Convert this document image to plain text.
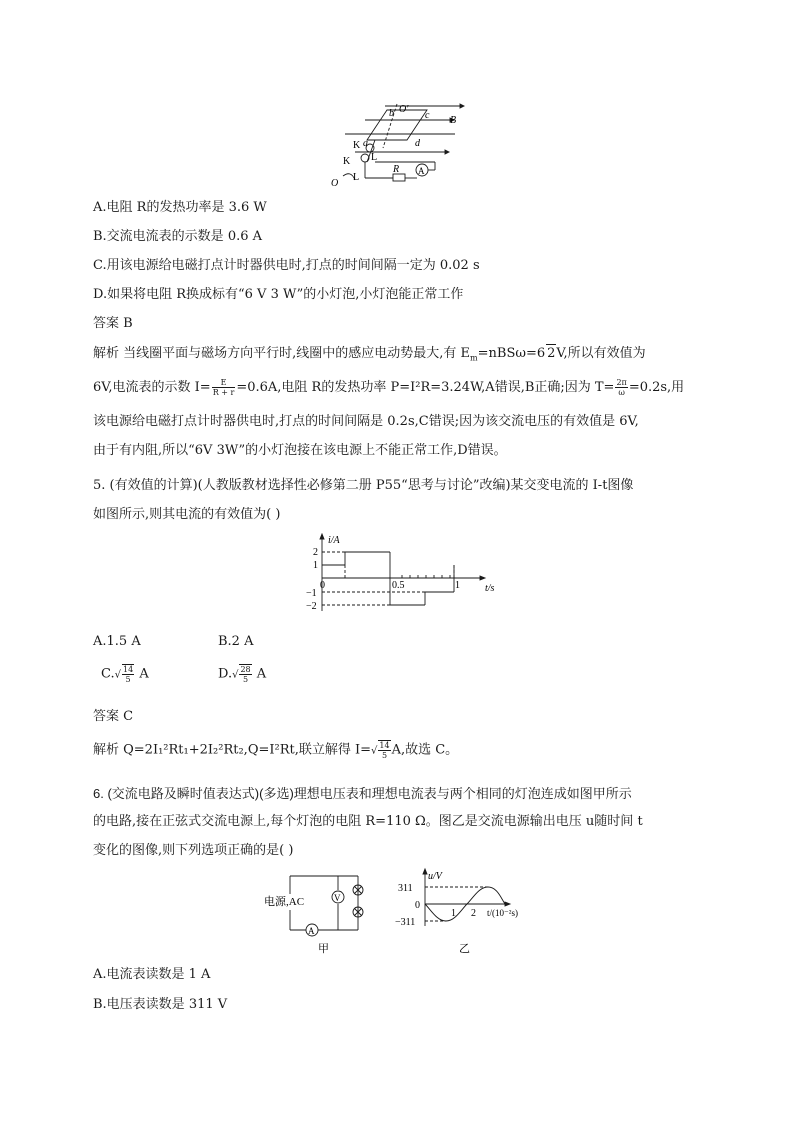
b O'
c B
a
K
L
d
K
R A
O
L
A.电阻 R的发热功率是 3.6 W
B.交流电流表的示数是 0.6 A
C.用该电源给电磁打点计时器供电时,打点的时间间隔一定为 0.02 s
D.如果将电阻 R换成标有“6 V 3 W”的小灯泡,小灯泡能正常工作
答案 B
解析 当线圈平面与磁场方向平行时,线圈中的感应电动势最大,有 $E_m=nBS\omega=6$ 2V,所以有效值为
6V,电流表的示数 $I= \frac{E}{R + r} =0.6A$,电阻 R的发热功率 P=I²R=3.24W,A错误,B正确;因为 $T= \frac{2\pi}{\omega} =0.2s$,用
该电源给电磁打点计时器供电时,打点的时间间隔是 0.2s,C错误;因为该交流电压的有效值是 6V,
由于有内阻,所以“6V 3W”的小灯泡接在该电源上不能正常工作,D错误。
5. (有效值的计算)(人教版教材选择性必修第二册 P55“思考与讨论”改编)某交变电流的 I-t图像
如图所示,则其电流的有效值为( )
i/A
t/s
2
1
−1
−2
0	0.5	1
A.1.5 A	B.2 A
$C.√ \frac{14}{5}$ A	$D.√ \frac{28}{5}$ A
答案 C
解析 Q=2I₁²Rt₁+2I₂²Rt₂,Q=I²Rt,联立解得 $I=√ \frac{14}{5} A$,故选 C。
6. (交流电路及瞬时值表达式)(多选)理想电压表和理想电流表与两个相同的灯泡连成如图甲所示
的电路,接在正弦式交流电源上,每个灯泡的电阻 R=110 Ω。图乙是交流电源输出电压 u随时间 t
变化的图像,则下列选项正确的是( )
电源,AC	V
A
甲
u/V
311
0
−311
1 2 t/(10⁻²s)
乙
A.电流表读数是 1 A
B.电压表读数是 311 V
